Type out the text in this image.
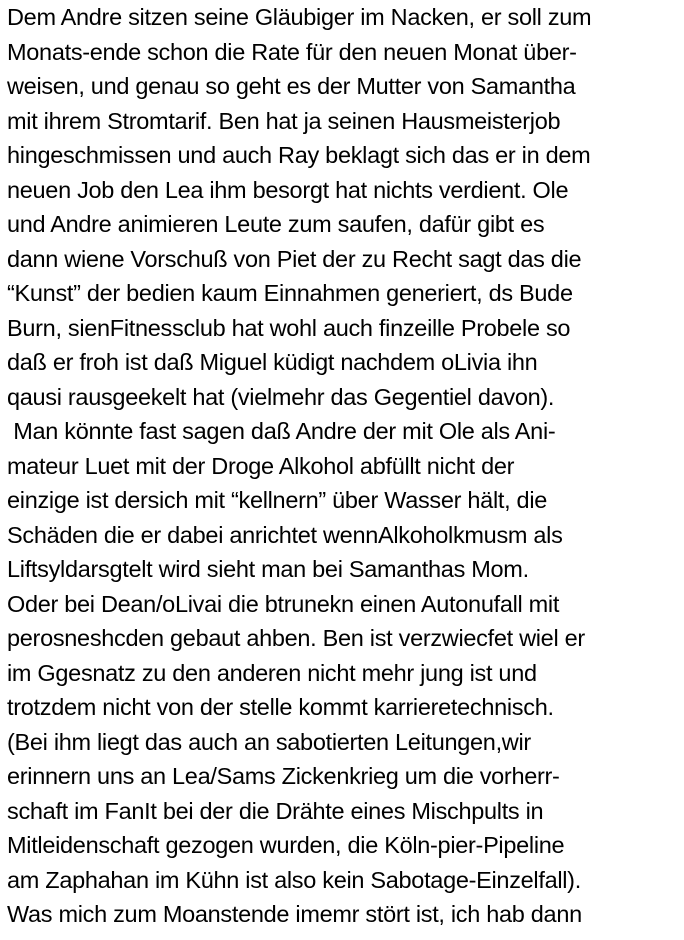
Dem Andre sitzen seine Gläubiger im Nacken, er soll zum
Monats-ende schon die Rate für den neuen Monat über-
weisen, und genau so geht es der Mutter von Samantha
mit ihrem Stromtarif. Ben hat ja seinen Hausmeisterjob
hingeschmissen und auch Ray beklagt sich das er in dem
neuen Job den Lea ihm besorgt hat nichts verdient. Ole
und Andre animieren Leute zum saufen, dafür gibt es
dann wiene Vorschuß von Piet der zu Recht sagt das die
“Kunst” der bedien kaum Einnahmen generiert, ds Bude
Burn, sienFitnessclub hat wohl auch finzeille Probele so
daß er froh ist daß Miguel küdigt nachdem oLivia ihn
qausi rausgeekelt hat (vielmehr das Gegentiel davon).
Man könnte fast sagen daß Andre der mit Ole als Ani-
mateur Luet mit der Droge Alkohol abfüllt nicht der
einzige ist dersich mit “kellnern” über Wasser hält, die
Schäden die er dabei anrichtet wennAlkoholkmusm als
Liftsyldarsgtelt wird sieht man bei Samanthas Mom.
Oder bei Dean/oLivai die btrunekn einen Autonufall mit
perosneshcden gebaut ahben. Ben ist verzwiecfet wiel er
im Ggesnatz zu den anderen nicht mehr jung ist und
trotzdem nicht von der stelle kommt karrieretechnisch.
(Bei ihm liegt das auch an sabotierten Leitungen,wir
erinnern uns an Lea/Sams Zickenkrieg um die vorherr-
schaft im FanIt bei der die Drähte eines Mischpults in
Mitleidenschaft gezogen wurden, die Köln-pier-Pipeline
am Zaphahan im Kühn ist also kein Sabotage-Einzelfall).
Was mich zum Moanstende imemr stört ist, ich hab dann
